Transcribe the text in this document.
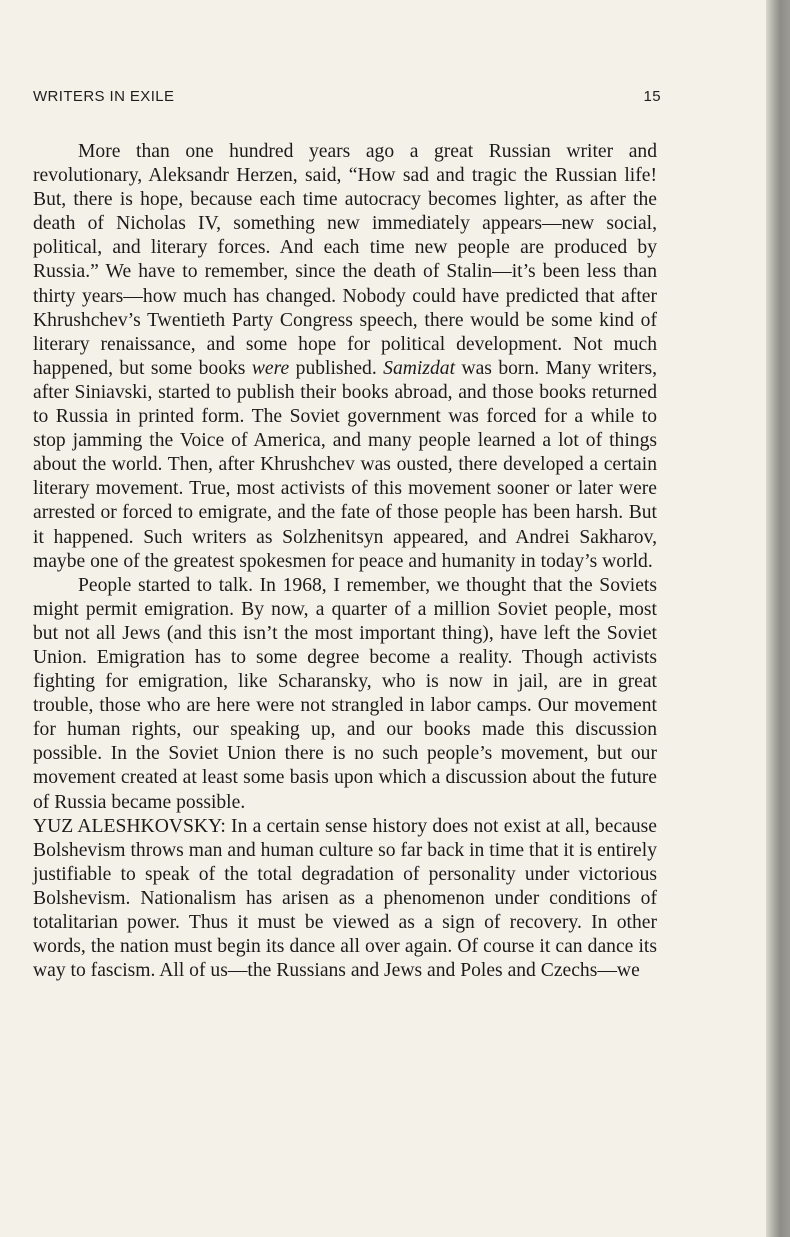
WRITERS IN EXILE	15

More than one hundred years ago a great Russian writer and revolutionary, Aleksandr Herzen, said, “How sad and tragic the Russian life! But, there is hope, because each time autocracy becomes lighter, as after the death of Nicholas IV, something new immediately appears—new social, political, and literary forces. And each time new people are produced by Russia.” We have to remember, since the death of Stalin—it’s been less than thirty years—how much has changed. Nobody could have predicted that after Khrushchev’s Twentieth Party Congress speech, there would be some kind of literary renaissance, and some hope for political development. Not much happened, but some books were published. Samizdat was born. Many writers, after Siniavski, started to publish their books abroad, and those books returned to Russia in printed form. The Soviet government was forced for a while to stop jamming the Voice of America, and many people learned a lot of things about the world. Then, after Khrushchev was ousted, there developed a certain literary movement. True, most activists of this movement sooner or later were arrested or forced to emigrate, and the fate of those people has been harsh. But it happened. Such writers as Solzhenitsyn appeared, and Andrei Sakharov, maybe one of the greatest spokesmen for peace and humanity in today’s world.

People started to talk. In 1968, I remember, we thought that the Soviets might permit emigration. By now, a quarter of a million Soviet people, most but not all Jews (and this isn’t the most important thing), have left the Soviet Union. Emigration has to some degree become a reality. Though activists fighting for emigration, like Scharansky, who is now in jail, are in great trouble, those who are here were not strangled in labor camps. Our movement for human rights, our speaking up, and our books made this discussion possible. In the Soviet Union there is no such people’s movement, but our movement created at least some basis upon which a discussion about the future of Russia became possible.

YUZ ALESHKOVSKY: In a certain sense history does not exist at all, because Bolshevism throws man and human culture so far back in time that it is entirely justifiable to speak of the total degradation of personality under victorious Bolshevism. Nationalism has arisen as a phenomenon under conditions of totalitarian power. Thus it must be viewed as a sign of recovery. In other words, the nation must begin its dance all over again. Of course it can dance its way to fascism. All of us—the Russians and Jews and Poles and Czechs—we
